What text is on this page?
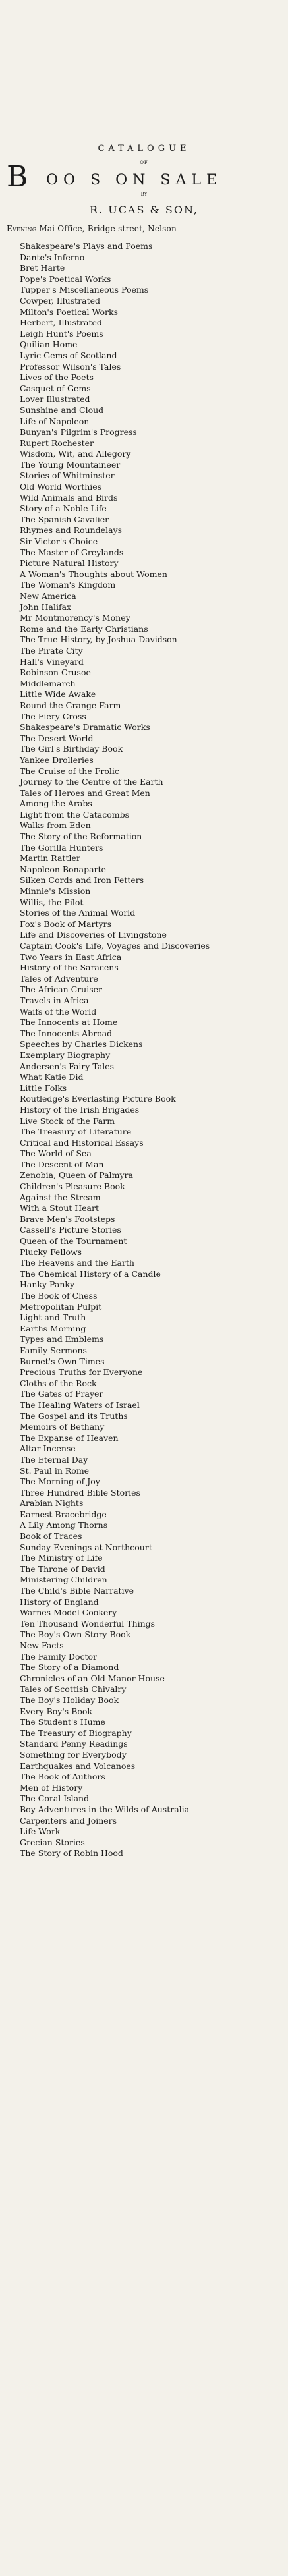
CATALOGUE

OF

B OO S ON SALE

BY

R. UCAS & SON,

Evening Mai Office, Bridge-street, Nelson

Shakespeare's Plays and Poems
Dante's Inferno
Bret Harte
Pope's Poetical Works
Tupper's Miscellaneous Poems
Cowper, Illustrated
Milton's Poetical Works
Herbert, Illustrated
Leigh Hunt's Poems
Quilian Home
Lyric Gems of Scotland
Professor Wilson's Tales
Lives of the Poets
Casquet of Gems
Lover Illustrated
Sunshine and Cloud
Life of Napoleon
Bunyan's Pilgrim's Progress
Rupert Rochester
Wisdom, Wit, and Allegory
The Young Mountaineer
Stories of Whitminster
Old World Worthies
Wild Animals and Birds
Story of a Noble Life
The Spanish Cavalier
Rhymes and Roundelays
Sir Victor's Choice
The Master of Greylands
Picture Natural History
A Woman's Thoughts about Women
The Woman's Kingdom
New America
John Halifax
Mr Montmorency's Money
Rome and the Early Christians
The True History, by Joshua Davidson
The Pirate City
Hall's Vineyard
Robinson Crusoe
Middlemarch
Little Wide Awake
Round the Grange Farm
The Fiery Cross
Shakespeare's Dramatic Works
The Desert World
The Girl's Birthday Book
Yankee Drolleries
The Cruise of the Frolic
Journey to the Centre of the Earth
Tales of Heroes and Great Men
Among the Arabs
Light from the Catacombs
Walks from Eden
The Story of the Reformation
The Gorilla Hunters
Martin Rattler
Napoleon Bonaparte
Silken Cords and Iron Fetters
Minnie's Mission
Willis, the Pilot
Stories of the Animal World
Fox's Book of Martyrs
Life and Discoveries of Livingstone
Captain Cook's Life, Voyages and Discoveries
Two Years in East Africa
History of the Saracens
Tales of Adventure
The African Cruiser
Travels in Africa
Waifs of the World
The Innocents at Home
The Innocents Abroad
Speeches by Charles Dickens
Exemplary Biography
Andersen's Fairy Tales
What Katie Did
Little Folks
Routledge's Everlasting Picture Book
History of the Irish Brigades
Live Stock of the Farm
The Treasury of Literature
Critical and Historical Essays
The World of Sea
The Descent of Man
Zenobia, Queen of Palmyra
Children's Pleasure Book
Against the Stream
With a Stout Heart
Brave Men's Footsteps
Cassell's Picture Stories
Queen of the Tournament
Plucky Fellows
The Heavens and the Earth
The Chemical History of a Candle
Hanky Panky
The Book of Chess
Metropolitan Pulpit
Light and Truth
Earths Morning
Types and Emblems
Family Sermons
Burnet's Own Times
Precious Truths for Everyone
Cloths of the Rock
The Gates of Prayer
The Healing Waters of Israel
The Gospel and its Truths
Memoirs of Bethany
The Expanse of Heaven
Altar Incense
The Eternal Day
St. Paul in Rome
The Morning of Joy
Three Hundred Bible Stories
Arabian Nights
Earnest Bracebridge
A Lily Among Thorns
Book of Traces
Sunday Evenings at Northcourt
The Ministry of Life
The Throne of David
Ministering Children
The Child's Bible Narrative
History of England
Warnes Model Cookery
Ten Thousand Wonderful Things
The Boy's Own Story Book
New Facts
The Family Doctor
The Story of a Diamond
Chronicles of an Old Manor House
Tales of Scottish Chivalry
The Boy's Holiday Book
Every Boy's Book
The Student's Hume
The Treasury of Biography
Standard Penny Readings
Something for Everybody
Earthquakes and Volcanoes
The Book of Authors
Men of History
The Coral Island
Boy Adventures in the Wilds of Australia
Carpenters and Joiners
Life Work
Grecian Stories
The Story of Robin Hood
